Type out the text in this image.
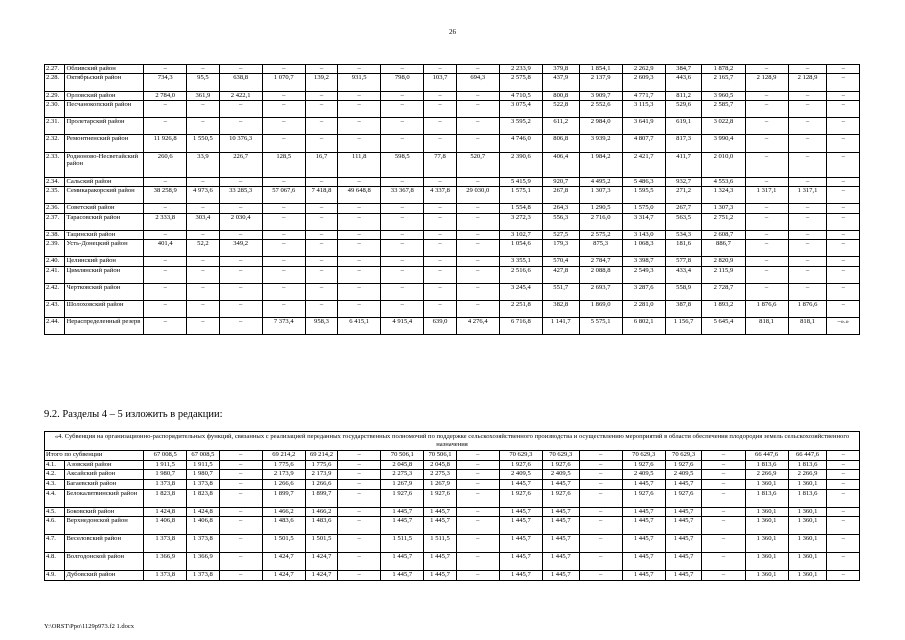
26
2.27.	Обливский район	–	–	–	–	–	–	–	–	–	2 233,9	379,8	1 854,1	2 262,9	384,7	1 878,2	–	–	–
2.28.	Октябрьский район	734,3	95,5	638,8	1 070,7	139,2	931,5	798,0	103,7	694,3	2 575,8	437,9	2 137,9	2 609,3	443,6	2 165,7	2 128,9	2 128,9	–
2.29.	Орловский район	2 784,0	361,9	2 422,1	–	–	–	–	–	–	4 710,5	800,8	3 909,7	4 771,7	811,2	3 960,5	–	–	–
2.30.	Песчанокопский район	–	–	–	–	–	–	–	–	–	3 075,4	522,8	2 552,6	3 115,3	529,6	2 585,7	–	–	–
2.31.	Пролетарский район	–	–	–	–	–	–	–	–	–	3 595,2	611,2	2 984,0	3 641,9	619,1	3 022,8	–	–	–
2.32.	Ремонтненский район	11 926,8	1 550,5	10 376,3	–	–	–	–	–	–	4 746,0	806,8	3 939,2	4 807,7	817,3	3 990,4	–	–	–
2.33.	Родионово-Несветайский район	260,6	33,9	226,7	128,5	16,7	111,8	598,5	77,8	520,7	2 390,6	406,4	1 984,2	2 421,7	411,7	2 010,0	–	–	–
2.34.	Сальский район	–	–	–	–	–	–	–	–	–	5 415,9	920,7	4 495,2	5 486,3	932,7	4 553,6	–	–	–
2.35.	Семикаракорский район	38 258,9	4 973,6	33 285,3	57 067,6	7 418,8	49 648,8	33 367,8	4 337,8	29 030,0	1 575,1	267,8	1 307,3	1 595,5	271,2	1 324,3	1 317,1	1 317,1	–
2.36.	Советский район	–	–	–	–	–	–	–	–	–	1 554,8	264,3	1 290,5	1 575,0	267,7	1 307,3	–	–	–
2.37.	Тарасовский район	2 333,8	303,4	2 030,4	–	–	–	–	–	–	3 272,3	556,3	2 716,0	3 314,7	563,5	2 751,2	–	–	–
2.38.	Тацинский район	–	–	–	–	–	–	–	–	–	3 102,7	527,5	2 575,2	3 143,0	534,3	2 608,7	–	–	–
2.39.	Усть-Донецкий район	401,4	52,2	349,2	–	–	–	–	–	–	1 054,6	179,3	875,3	1 068,3	181,6	886,7	–	–	–
2.40.	Целинский район	–	–	–	–	–	–	–	–	–	3 355,1	570,4	2 784,7	3 398,7	577,8	2 820,9	–	–	–
2.41.	Цимлянский район	–	–	–	–	–	–	–	–	–	2 516,6	427,8	2 088,8	2 549,3	433,4	2 115,9	–	–	–
2.42.	Чертковский район	–	–	–	–	–	–	–	–	–	3 245,4	551,7	2 693,7	3 287,6	558,9	2 728,7	–	–	–
2.43.	Шолоховский район	–	–	–	–	–	–	–	–	–	2 251,8	382,8	1 869,0	2 281,0	387,8	1 893,2	1 876,6	1 876,6	–
2.44.	Нераспределенный резерв	–	–	–	7 373,4	958,3	6 415,1	4 915,4	639,0	4 276,4	6 716,8	1 141,7	5 575,1	6 802,1	1 156,7	5 645,4	818,1	818,1	–».»
9.2. Разделы 4 – 5 изложить в редакции:
«4. Субвенция на организационно-распорядительных функций, связанных с реализацией переданных государственных полномочий по поддержке сельскохозяйственного производства и осуществлению мероприятий в области обеспечения плодородия земель сельскохозяйственного назначения																			
Итого по субвенции		67 008,5	67 008,5	–	69 214,2	69 214,2	–	70 506,1	70 506,1	–	70 629,3	70 629,3	–	70 629,3	70 629,3	–	66 447,6	66 447,6	–
4.1.	Азовский район	1 911,5	1 911,5	–	1 775,6	1 775,6	–	2 045,8	2 045,8	–	1 927,6	1 927,6	–	1 927,6	1 927,6	–	1 813,6	1 813,6	–
4.2.	Аксайский район	1 980,7	1 980,7	–	2 173,9	2 173,9	–	2 275,3	2 275,3	–	2 409,5	2 409,5	–	2 409,5	2 409,5	–	2 266,9	2 266,9	–
4.3.	Багаевский район	1 373,8	1 373,8	–	1 266,6	1 266,6	–	1 267,9	1 267,9	–	1 445,7	1 445,7	–	1 445,7	1 445,7	–	1 360,1	1 360,1	–
4.4.	Белокалитвинский район	1 823,8	1 823,8	–	1 899,7	1 899,7	–	1 927,6	1 927,6	–	1 927,6	1 927,6	–	1 927,6	1 927,6	–	1 813,6	1 813,6	–
4.5.	Боковский район	1 424,8	1 424,8	–	1 466,2	1 466,2	–	1 445,7	1 445,7	–	1 445,7	1 445,7	–	1 445,7	1 445,7	–	1 360,1	1 360,1	–
4.6.	Верхнедонской район	1 406,8	1 406,8	–	1 483,6	1 483,6	–	1 445,7	1 445,7	–	1 445,7	1 445,7	–	1 445,7	1 445,7	–	1 360,1	1 360,1	–
4.7.	Веселовский район	1 373,8	1 373,8	–	1 501,5	1 501,5	–	1 511,5	1 511,5	–	1 445,7	1 445,7	–	1 445,7	1 445,7	–	1 360,1	1 360,1	–
4.8.	Волгодонской район	1 366,9	1 366,9	–	1 424,7	1 424,7	–	1 445,7	1 445,7	–	1 445,7	1 445,7	–	1 445,7	1 445,7	–	1 360,1	1 360,1	–
4.9.	Дубовский район	1 373,8	1 373,8	–	1 424,7	1 424,7	–	1 445,7	1 445,7	–	1 445,7	1 445,7	–	1 445,7	1 445,7	–	1 360,1	1 360,1	–
Y:\ORST\Ppo\1129p973.f2 1.docx
